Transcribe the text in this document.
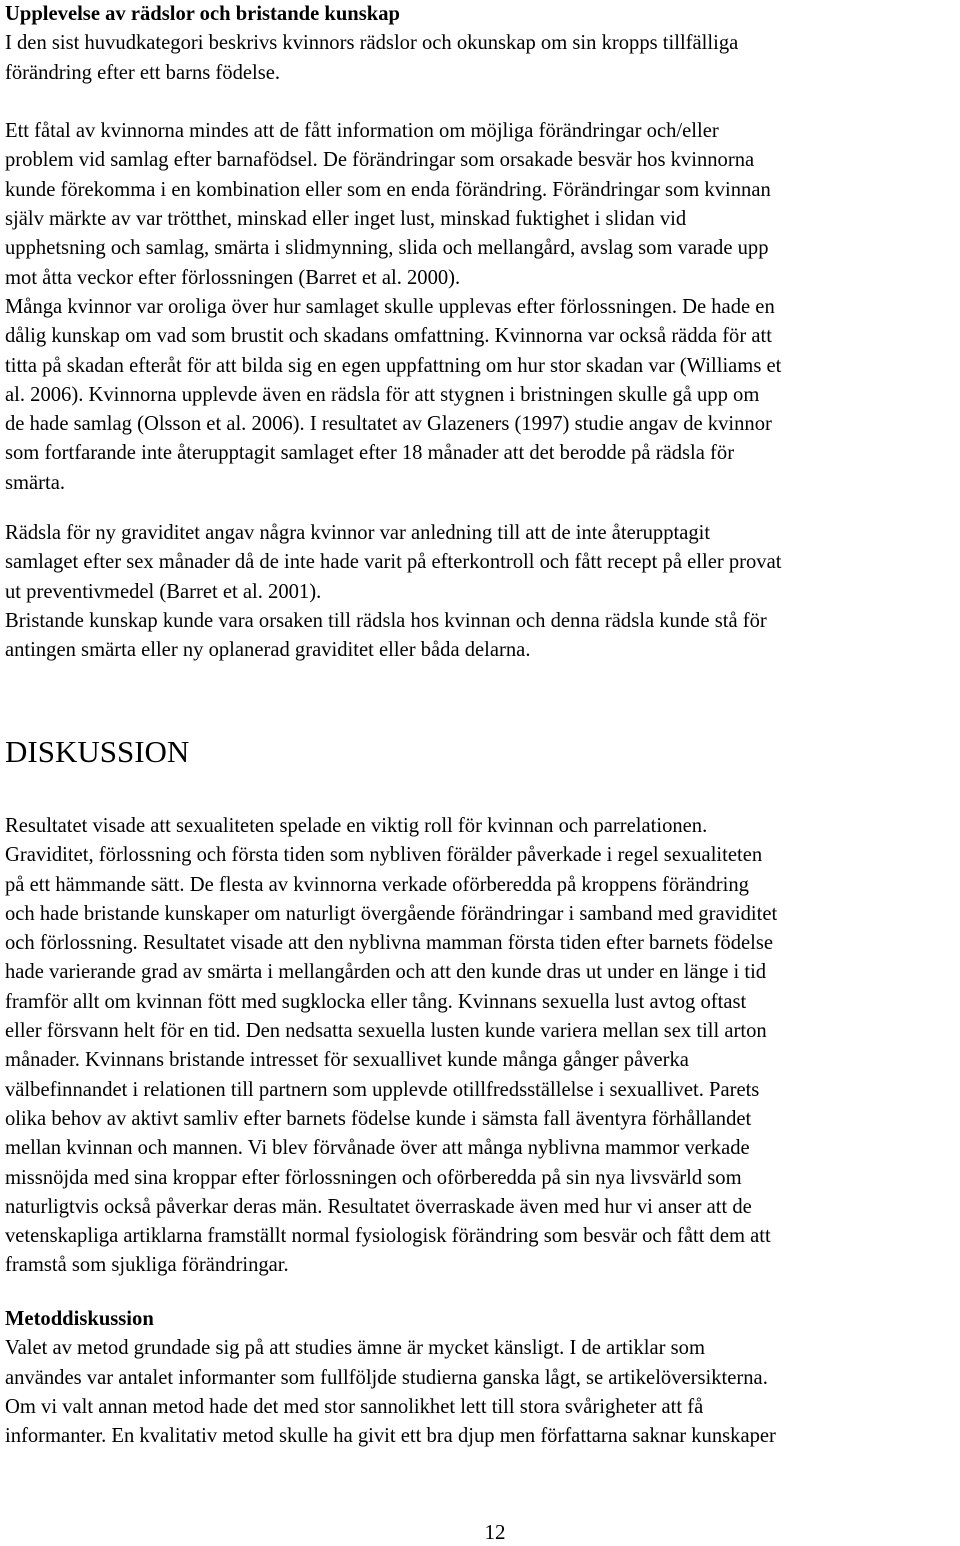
Upplevelse av rädslor och bristande kunskap
I den sist huvudkategori beskrivs kvinnors rädslor och okunskap om sin kropps tillfälliga
förändring efter ett barns födelse.

Ett fåtal av kvinnorna mindes att de fått information om möjliga förändringar och/eller
problem vid samlag efter barnafödsel. De förändringar som orsakade besvär hos kvinnorna
kunde förekomma i en kombination eller som en enda förändring. Förändringar som kvinnan
själv märkte av var trötthet, minskad eller inget lust, minskad fuktighet i slidan vid
upphetsning och samlag, smärta i slidmynning, slida och mellangård, avslag som varade upp
mot åtta veckor efter förlossningen (Barret et al. 2000).
Många kvinnor var oroliga över hur samlaget skulle upplevas efter förlossningen. De hade en
dålig kunskap om vad som brustit och skadans omfattning. Kvinnorna var också rädda för att
titta på skadan efteråt för att bilda sig en egen uppfattning om hur stor skadan var (Williams et
al. 2006). Kvinnorna upplevde även en rädsla för att stygnen i bristningen skulle gå upp om
de hade samlag (Olsson et al. 2006). I resultatet av Glazeners (1997) studie angav de kvinnor
som fortfarande inte återupptagit samlaget efter 18 månader att det berodde på rädsla för
smärta.
Rädsla för ny graviditet angav några kvinnor var anledning till att de inte återupptagit
samlaget efter sex månader då de inte hade varit på efterkontroll och fått recept på eller provat
ut preventivmedel (Barret et al. 2001).
Bristande kunskap kunde vara orsaken till rädsla hos kvinnan och denna rädsla kunde stå för
antingen smärta eller ny oplanerad graviditet eller båda delarna.
DISKUSSION
Resultatet visade att sexualiteten spelade en viktig roll för kvinnan och parrelationen.
Graviditet, förlossning och första tiden som nybliven förälder påverkade i regel sexualiteten
på ett hämmande sätt. De flesta av kvinnorna verkade oförberedda på kroppens förändring
och hade bristande kunskaper om naturligt övergående förändringar i samband med graviditet
och förlossning. Resultatet visade att den nyblivna mamman första tiden efter barnets födelse
hade varierande grad av smärta i mellangården och att den kunde dras ut under en länge i tid
framför allt om kvinnan fött med sugklocka eller tång. Kvinnans sexuella lust avtog oftast
eller försvann helt för en tid. Den nedsatta sexuella lusten kunde variera mellan sex till arton
månader. Kvinnans bristande intresset för sexuallivet kunde många gånger påverka
välbefinnandet i relationen till partnern som upplevde otillfredsställelse i sexuallivet. Parets
olika behov av aktivt samliv efter barnets födelse kunde i sämsta fall äventyra förhållandet
mellan kvinnan och mannen. Vi blev förvånade över att många nyblivna mammor verkade
missnöjda med sina kroppar efter förlossningen och oförberedda på sin nya livsvärld som
naturligtvis också påverkar deras män. Resultatet överraskade även med hur vi anser att de
vetenskapliga artiklarna framställt normal fysiologisk förändring som besvär och fått dem att
framstå som sjukliga förändringar.
Metoddiskussion
Valet av metod grundade sig på att studies ämne är mycket känsligt. I de artiklar som
användes var antalet informanter som fullföljde studierna ganska lågt, se artikelöversikterna.
Om vi valt annan metod hade det med stor sannolikhet lett till stora svårigheter att få
informanter. En kvalitativ metod skulle ha givit ett bra djup men författarna saknar kunskaper
12
